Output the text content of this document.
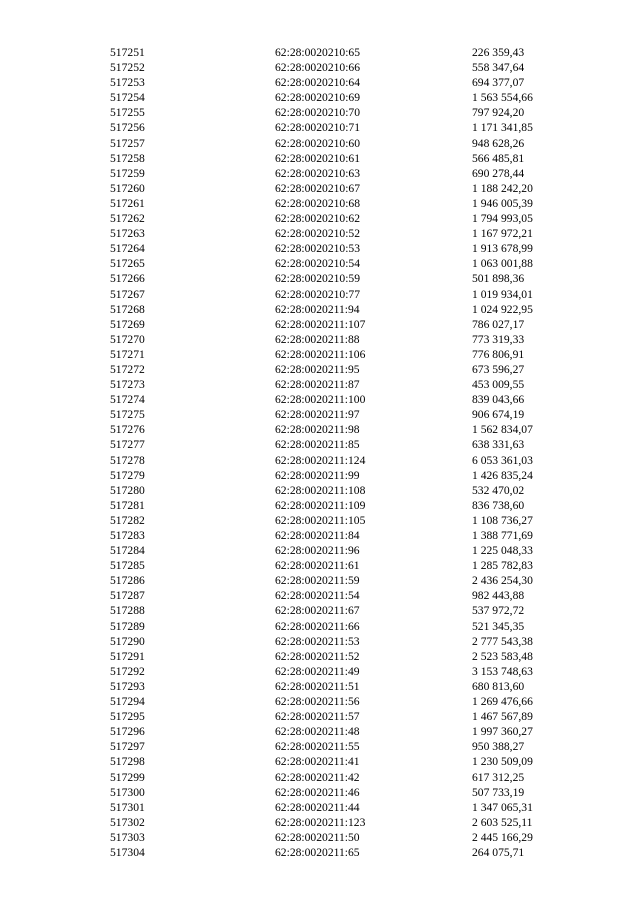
517251	62:28:0020210:65	226 359,43
517252	62:28:0020210:66	558 347,64
517253	62:28:0020210:64	694 377,07
517254	62:28:0020210:69	1 563 554,66
517255	62:28:0020210:70	797 924,20
517256	62:28:0020210:71	1 171 341,85
517257	62:28:0020210:60	948 628,26
517258	62:28:0020210:61	566 485,81
517259	62:28:0020210:63	690 278,44
517260	62:28:0020210:67	1 188 242,20
517261	62:28:0020210:68	1 946 005,39
517262	62:28:0020210:62	1 794 993,05
517263	62:28:0020210:52	1 167 972,21
517264	62:28:0020210:53	1 913 678,99
517265	62:28:0020210:54	1 063 001,88
517266	62:28:0020210:59	501 898,36
517267	62:28:0020210:77	1 019 934,01
517268	62:28:0020211:94	1 024 922,95
517269	62:28:0020211:107	786 027,17
517270	62:28:0020211:88	773 319,33
517271	62:28:0020211:106	776 806,91
517272	62:28:0020211:95	673 596,27
517273	62:28:0020211:87	453 009,55
517274	62:28:0020211:100	839 043,66
517275	62:28:0020211:97	906 674,19
517276	62:28:0020211:98	1 562 834,07
517277	62:28:0020211:85	638 331,63
517278	62:28:0020211:124	6 053 361,03
517279	62:28:0020211:99	1 426 835,24
517280	62:28:0020211:108	532 470,02
517281	62:28:0020211:109	836 738,60
517282	62:28:0020211:105	1 108 736,27
517283	62:28:0020211:84	1 388 771,69
517284	62:28:0020211:96	1 225 048,33
517285	62:28:0020211:61	1 285 782,83
517286	62:28:0020211:59	2 436 254,30
517287	62:28:0020211:54	982 443,88
517288	62:28:0020211:67	537 972,72
517289	62:28:0020211:66	521 345,35
517290	62:28:0020211:53	2 777 543,38
517291	62:28:0020211:52	2 523 583,48
517292	62:28:0020211:49	3 153 748,63
517293	62:28:0020211:51	680 813,60
517294	62:28:0020211:56	1 269 476,66
517295	62:28:0020211:57	1 467 567,89
517296	62:28:0020211:48	1 997 360,27
517297	62:28:0020211:55	950 388,27
517298	62:28:0020211:41	1 230 509,09
517299	62:28:0020211:42	617 312,25
517300	62:28:0020211:46	507 733,19
517301	62:28:0020211:44	1 347 065,31
517302	62:28:0020211:123	2 603 525,11
517303	62:28:0020211:50	2 445 166,29
517304	62:28:0020211:65	264 075,71
